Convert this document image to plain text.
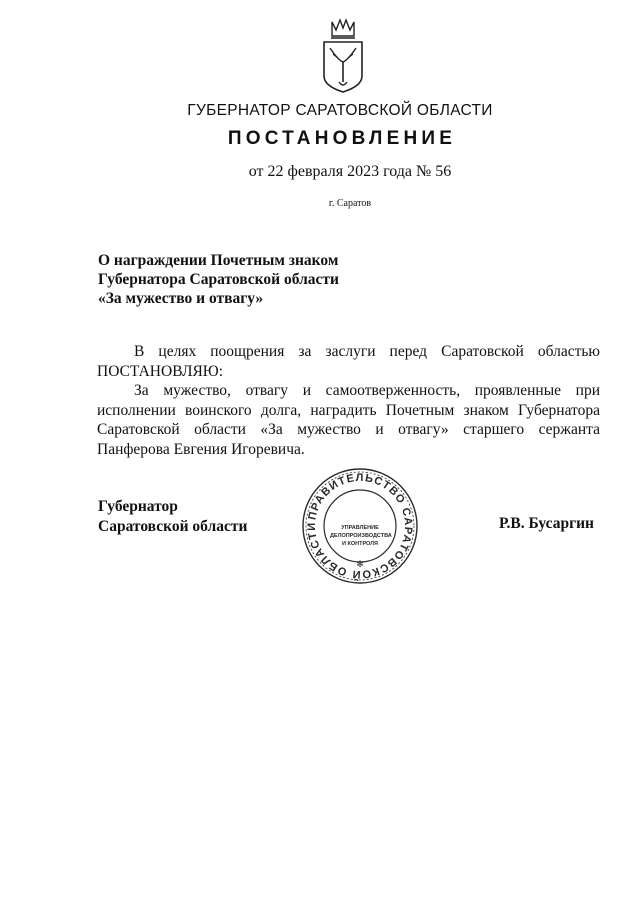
ГУБЕРНАТОР САРАТОВСКОЙ ОБЛАСТИ
ПОСТАНОВЛЕНИЕ
от 22 февраля 2023 года № 56
г. Саратов
О награждении Почетным знаком
Губернатора Саратовской области
«За мужество и отвагу»
В целях поощрения за заслуги перед Саратовской областью
ПОСТАНОВЛЯЮ:
За мужество, отвагу и самоотверженность, проявленные при исполнении воинского долга, наградить Почетным знаком Губернатора Саратовской области «За мужество и отвагу» старшего сержанта Панферова Евгения Игоревича.
Губернатор
Саратовской области
ПРАВИТЕЛЬСТВО САРАТОВСКОЙ ОБЛАСТИ
✻
УПРАВЛЕНИЕ
ДЕЛОПРОИЗВОДСТВА
И КОНТРОЛЯ
Р.В. Бусаргин
